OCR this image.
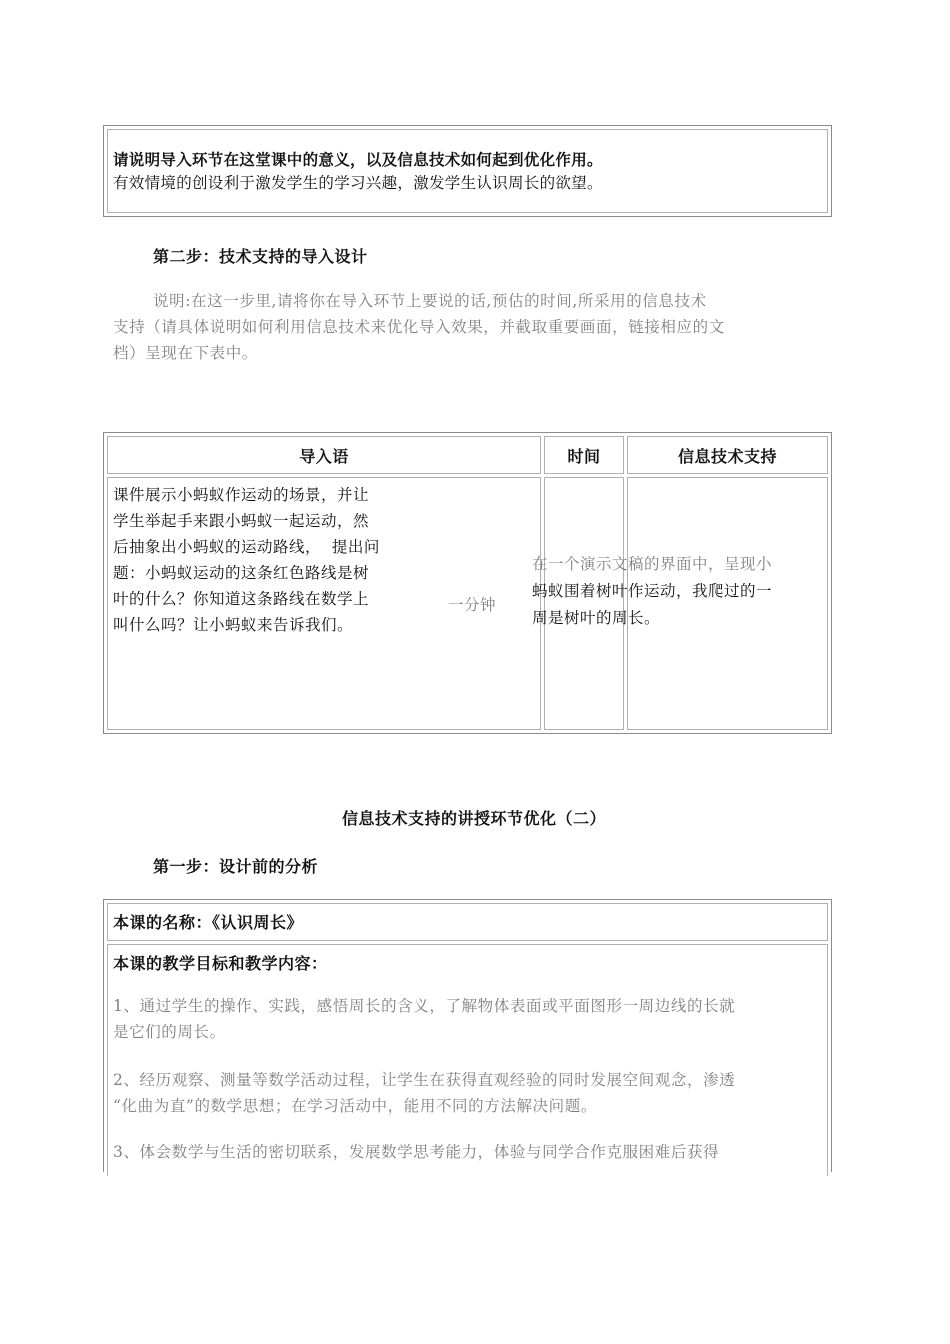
请说明导入环节在这堂课中的意义，以及信息技术如何起到优化作用。
有效情境的创设利于激发学生的学习兴趣，激发学生认识周长的欲望。
第二步：技术支持的导入设计
说明:在这一步里,请将你在导入环节上要说的话,预估的时间,所采用的信息技术
支持（请具体说明如何利用信息技术来优化导入效果，并截取重要画面，链接相应的文
档）呈现在下表中。
导入语	时间	信息技术支持
课件展示小蚂蚁作运动的场景，并让
学生举起手来跟小蚂蚁一起运动，然
后抽象出小蚂蚁的运动路线，  提出问
题：小蚂蚁运动的这条红色路线是树
叶的什么？你知道这条路线在数学上
叫什么吗？让小蚂蚁来告诉我们。
一分钟
在一个演示文稿的界面中，呈现小
蚂蚁围着树叶作运动，我爬过的一
周是树叶的周长。
信息技术支持的讲授环节优化（二）
第一步：设计前的分析
本课的名称：《认识周长》
本课的教学目标和教学内容：
1、通过学生的操作、实践，感悟周长的含义，了解物体表面或平面图形一周边线的长就
是它们的周长。
2、经历观察、测量等数学活动过程，让学生在获得直观经验的同时发展空间观念，渗透
“化曲为直”的数学思想；在学习活动中，能用不同的方法解决问题。
3、体会数学与生活的密切联系，发展数学思考能力，体验与同学合作克服困难后获得
